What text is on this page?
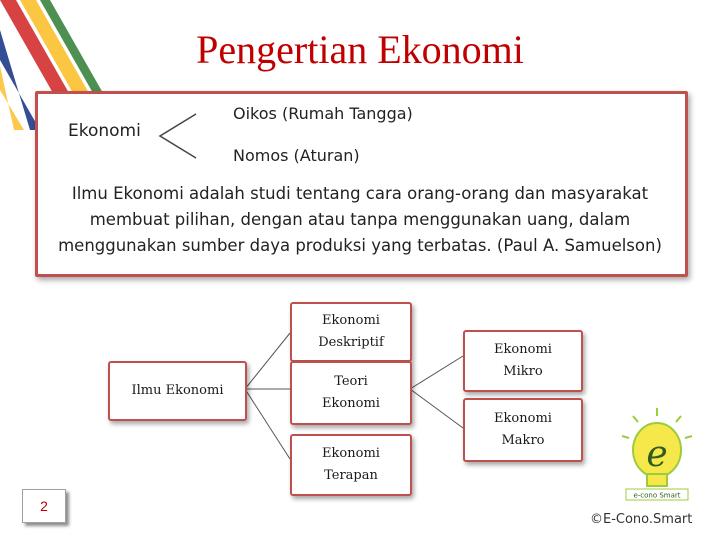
Pengertian Ekonomi
Ekonomi
Oikos (Rumah Tangga)
Nomos (Aturan)
Ilmu Ekonomi adalah studi tentang cara orang-orang dan masyarakat membuat pilihan, dengan atau tanpa menggunakan uang, dalam menggunakan sumber daya produksi yang terbatas. (Paul A. Samuelson)
Ilmu Ekonomi
Ekonomi
Deskriptif
Teori
Ekonomi
Ekonomi
Terapan
Ekonomi
Mikro
Ekonomi
Makro
2
e
e-cono Smart
©E-Cono.Smart
